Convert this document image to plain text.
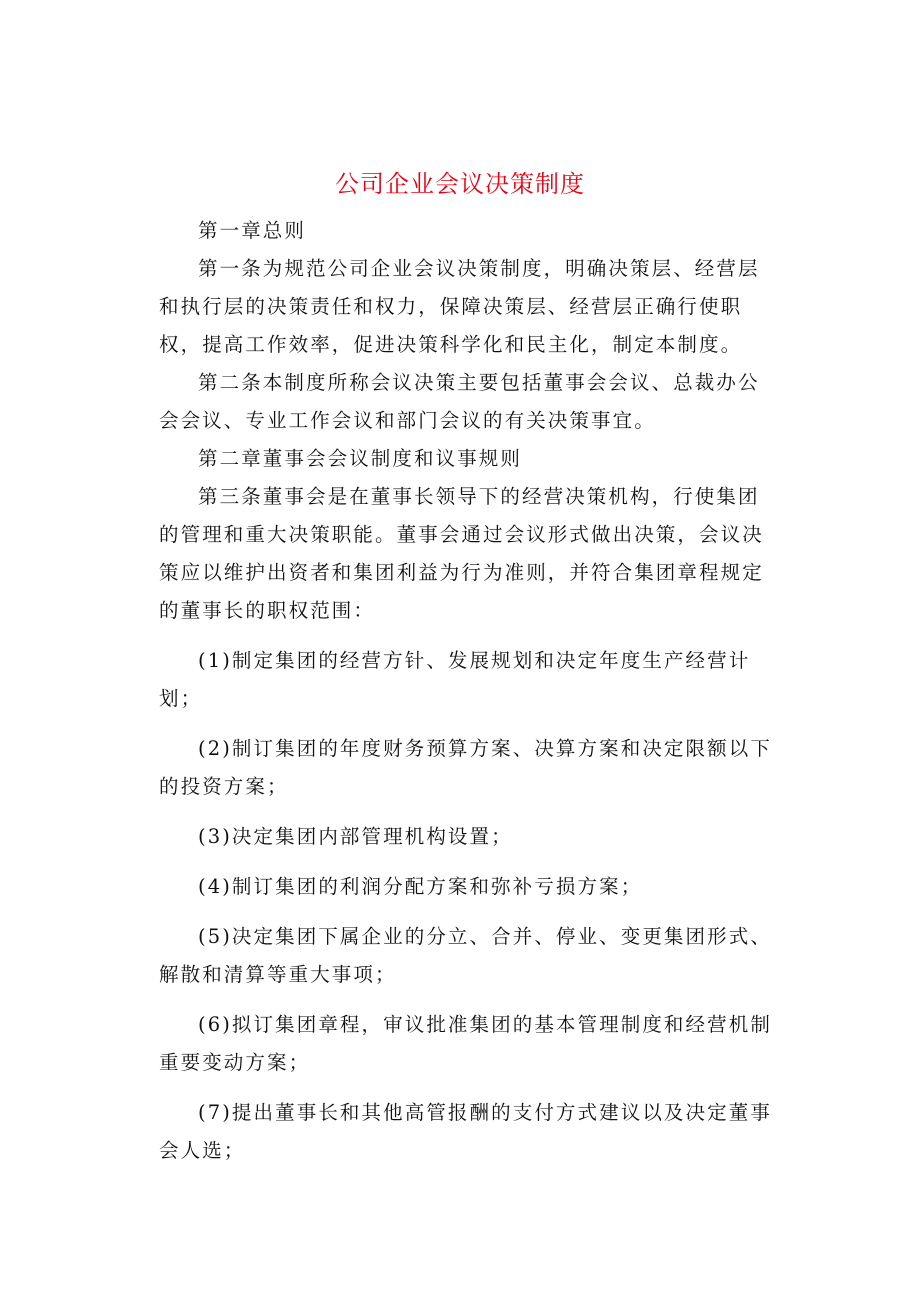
公司企业会议决策制度

第一章总则

第一条为规范公司企业会议决策制度，明确决策层、经营层和执行层的决策责任和权力，保障决策层、经营层正确行使职权，提高工作效率，促进决策科学化和民主化，制定本制度。

第二条本制度所称会议决策主要包括董事会会议、总裁办公会会议、专业工作会议和部门会议的有关决策事宜。

第二章董事会会议制度和议事规则

第三条董事会是在董事长领导下的经营决策机构，行使集团的管理和重大决策职能。董事会通过会议形式做出决策，会议决策应以维护出资者和集团利益为行为准则，并符合集团章程规定的董事长的职权范围：

(1)制定集团的经营方针、发展规划和决定年度生产经营计划；

(2)制订集团的年度财务预算方案、决算方案和决定限额以下的投资方案；

(3)决定集团内部管理机构设置；

(4)制订集团的利润分配方案和弥补亏损方案；

(5)决定集团下属企业的分立、合并、停业、变更集团形式、解散和清算等重大事项；

(6)拟订集团章程，审议批准集团的基本管理制度和经营机制重要变动方案；

(7)提出董事长和其他高管报酬的支付方式建议以及决定董事会人选；
